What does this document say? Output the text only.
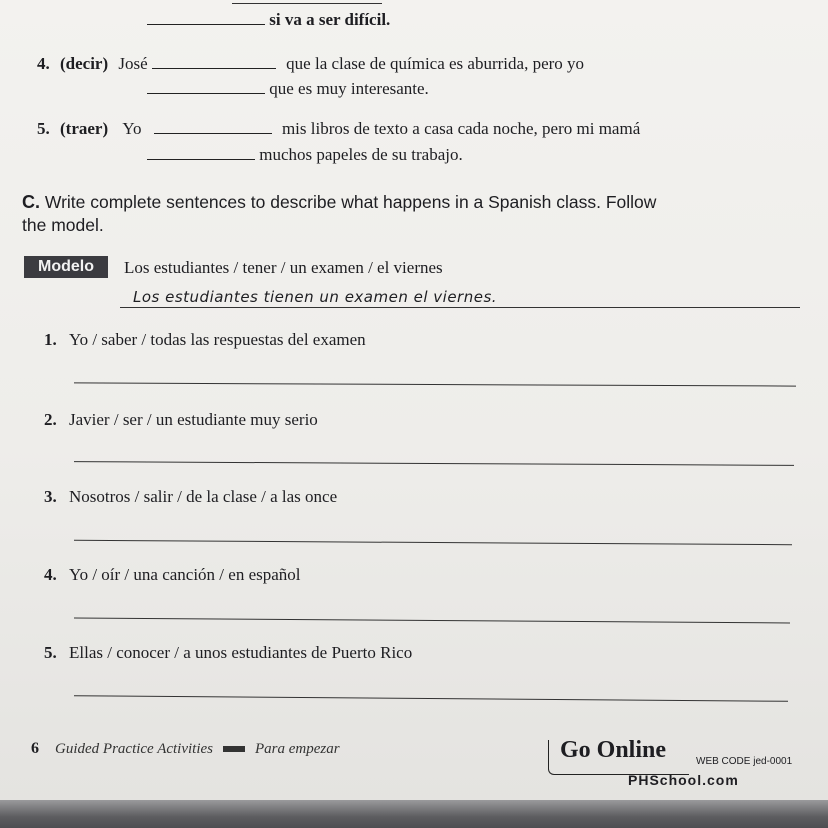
si va a ser difícil.
4. (decir) José	que la clase de química es aburrida, pero yo
que es muy interesante.
5. (traer) Yo	mis libros de texto a casa cada noche, pero mi mamá
muchos papeles de su trabajo.
C. Write complete sentences to describe what happens in a Spanish class. Follow
the model.
Modelo	Los estudiantes / tener / un examen / el viernes
Los estudiantes tienen un examen el viernes.
1. Yo / saber / todas las respuestas del examen
2. Javier / ser / un estudiante muy serio
3. Nosotros / salir / de la clase / a las once
4. Yo / oír / una canción / en español
5. Ellas / conocer / a unos estudiantes de Puerto Rico
6 Guided Practice Activities	Para empezar	Go Online	WEB CODE jed-0001
PHSchool.com
